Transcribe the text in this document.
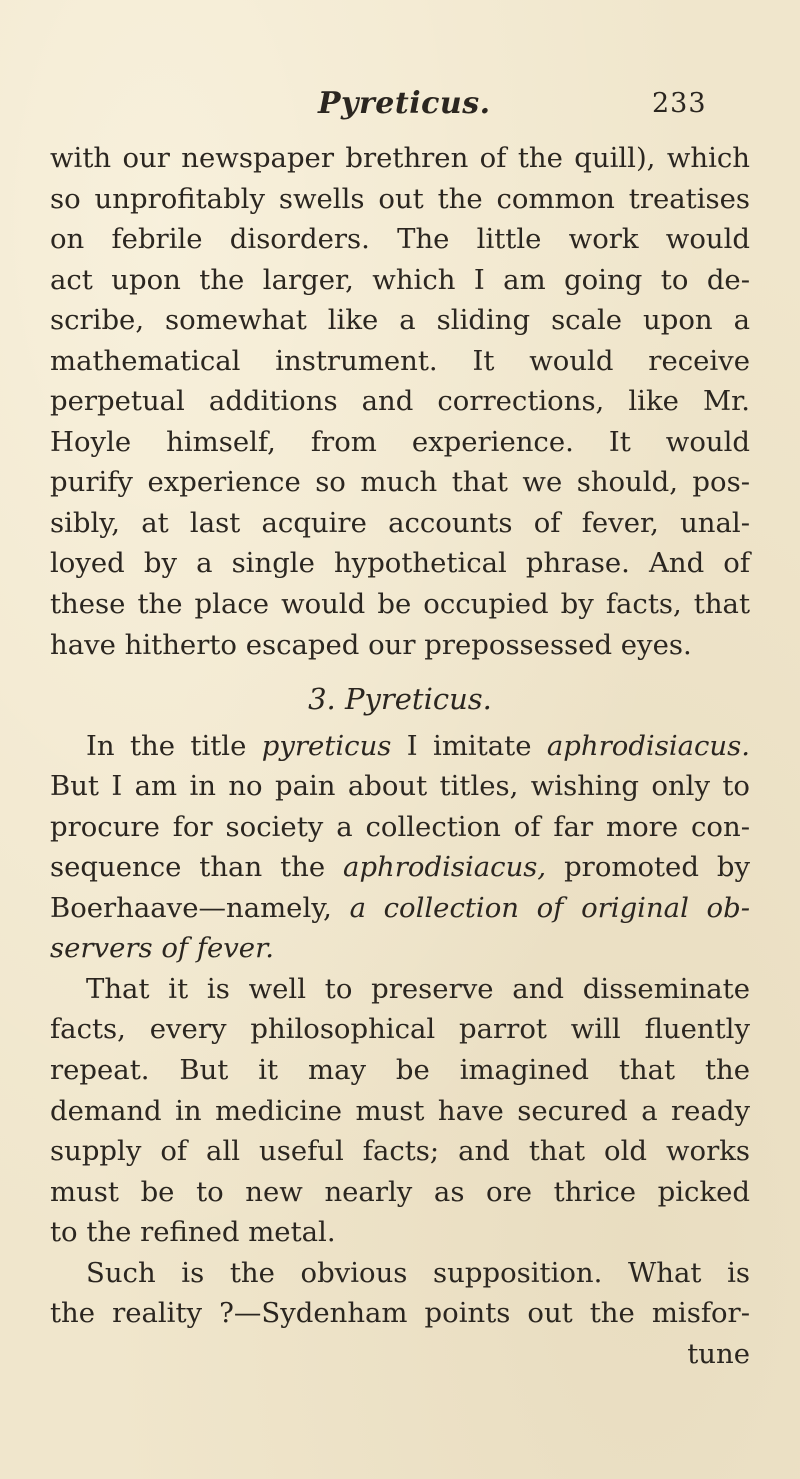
Pyreticus.	233
with our newspaper brethren of the quill), which
so unprofitably swells out the common treatises
on febrile disorders. The little work would
act upon the larger, which I am going to de-
scribe, somewhat like a sliding scale upon a
mathematical instrument. It would receive
perpetual additions and corrections, like Mr.
Hoyle himself, from experience. It would
purify experience so much that we should, pos-
sibly, at last acquire accounts of fever, unal-
loyed by a single hypothetical phrase. And of
these the place would be occupied by facts, that
have hitherto escaped our prepossessed eyes.
3. Pyreticus.
In the title pyreticus I imitate aphrodisiacus.
But I am in no pain about titles, wishing only to
procure for society a collection of far more con-
sequence than the aphrodisiacus, promoted by
Boerhaave—namely, a collection of original ob-
servers of fever.
That it is well to preserve and disseminate
facts, every philosophical parrot will fluently
repeat. But it may be imagined that the
demand in medicine must have secured a ready
supply of all useful facts; and that old works
must be to new nearly as ore thrice picked
to the refined metal.
Such is the obvious supposition. What is
the reality ?—Sydenham points out the misfor-
tune
